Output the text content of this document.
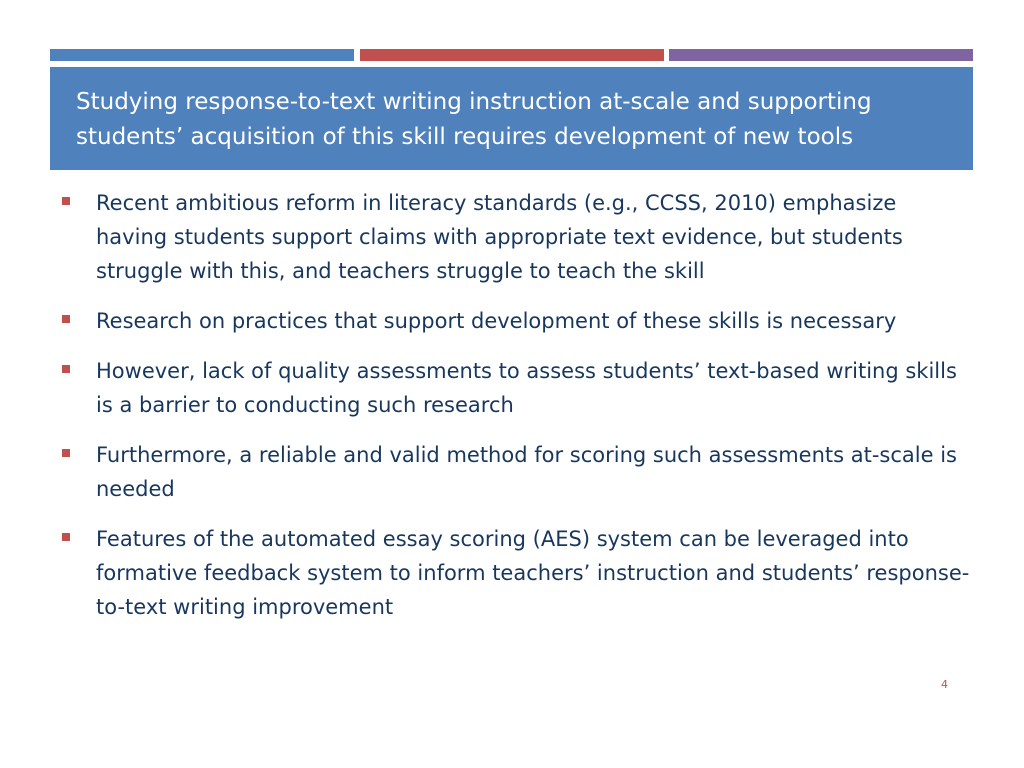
Studying response-to-text writing instruction at-scale and supporting students’ acquisition of this skill requires development of new tools
Recent ambitious reform in literacy standards (e.g., CCSS, 2010) emphasize having students support claims with appropriate text evidence, but students struggle with this, and teachers struggle to teach the skill
Research on practices that support development of these skills is necessary
However, lack of quality assessments to assess students’ text-based writing skills is a barrier to conducting such research
Furthermore, a reliable and valid method for scoring such assessments at-scale is needed
Features of the automated essay scoring (AES) system can be leveraged into formative feedback system to inform teachers’ instruction and students’ response-to-text writing improvement
4
